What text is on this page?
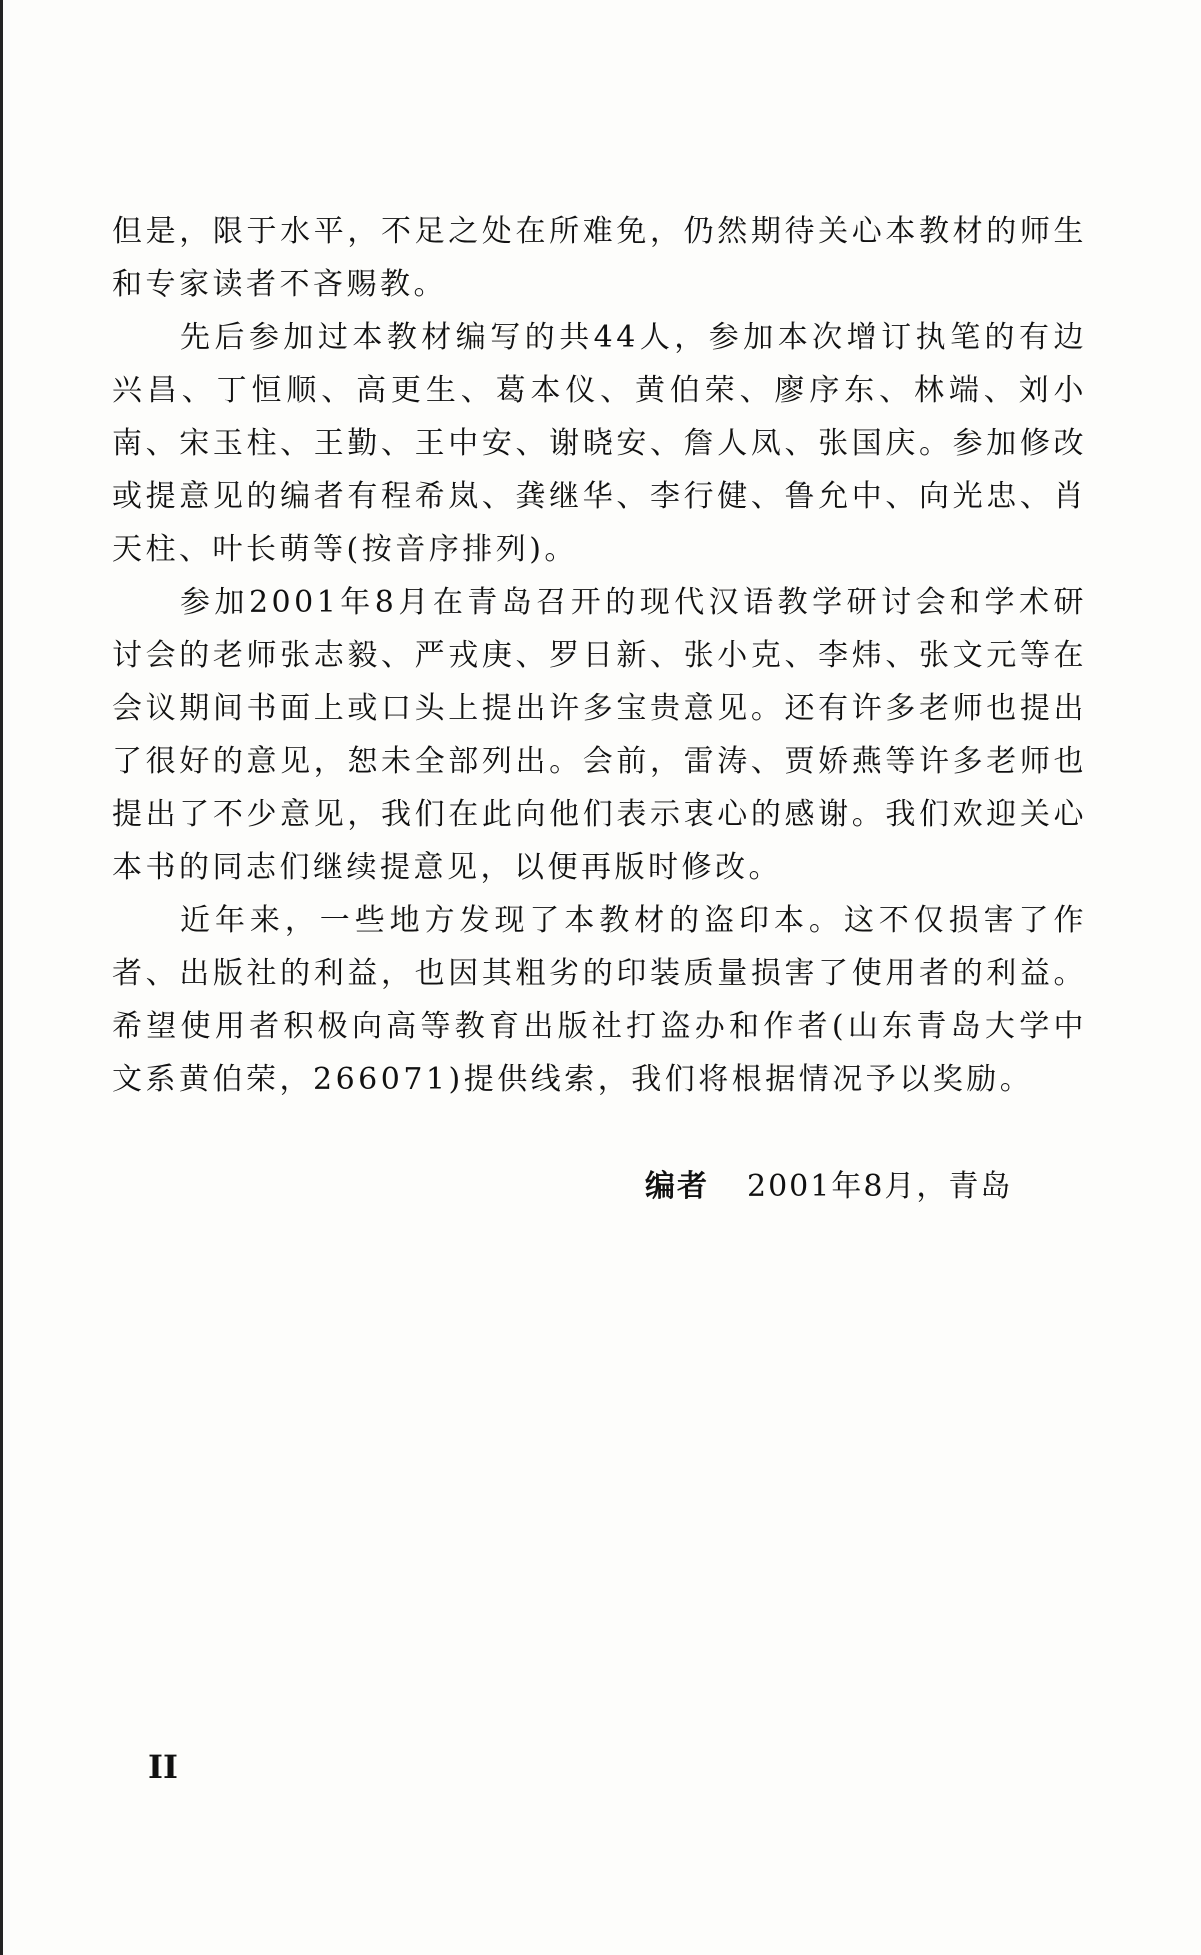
但是，限于水平，不足之处在所难免，仍然期待关心本教材的师生和专家读者不吝赐教。

先后参加过本教材编写的共44人，参加本次增订执笔的有边兴昌、丁恒顺、高更生、葛本仪、黄伯荣、廖序东、林端、刘小南、宋玉柱、王勤、王中安、谢晓安、詹人凤、张国庆。参加修改或提意见的编者有程希岚、龚继华、李行健、鲁允中、向光忠、肖天柱、叶长萌等(按音序排列)。

参加2001年8月在青岛召开的现代汉语教学研讨会和学术研讨会的老师张志毅、严戎庚、罗日新、张小克、李炜、张文元等在会议期间书面上或口头上提出许多宝贵意见。还有许多老师也提出了很好的意见，恕未全部列出。会前，雷涛、贾娇燕等许多老师也提出了不少意见，我们在此向他们表示衷心的感谢。我们欢迎关心本书的同志们继续提意见，以便再版时修改。

近年来，一些地方发现了本教材的盗印本。这不仅损害了作者、出版社的利益，也因其粗劣的印装质量损害了使用者的利益。希望使用者积极向高等教育出版社打盗办和作者(山东青岛大学中文系黄伯荣，266071)提供线索，我们将根据情况予以奖励。

编者 2001年8月，青岛
II
